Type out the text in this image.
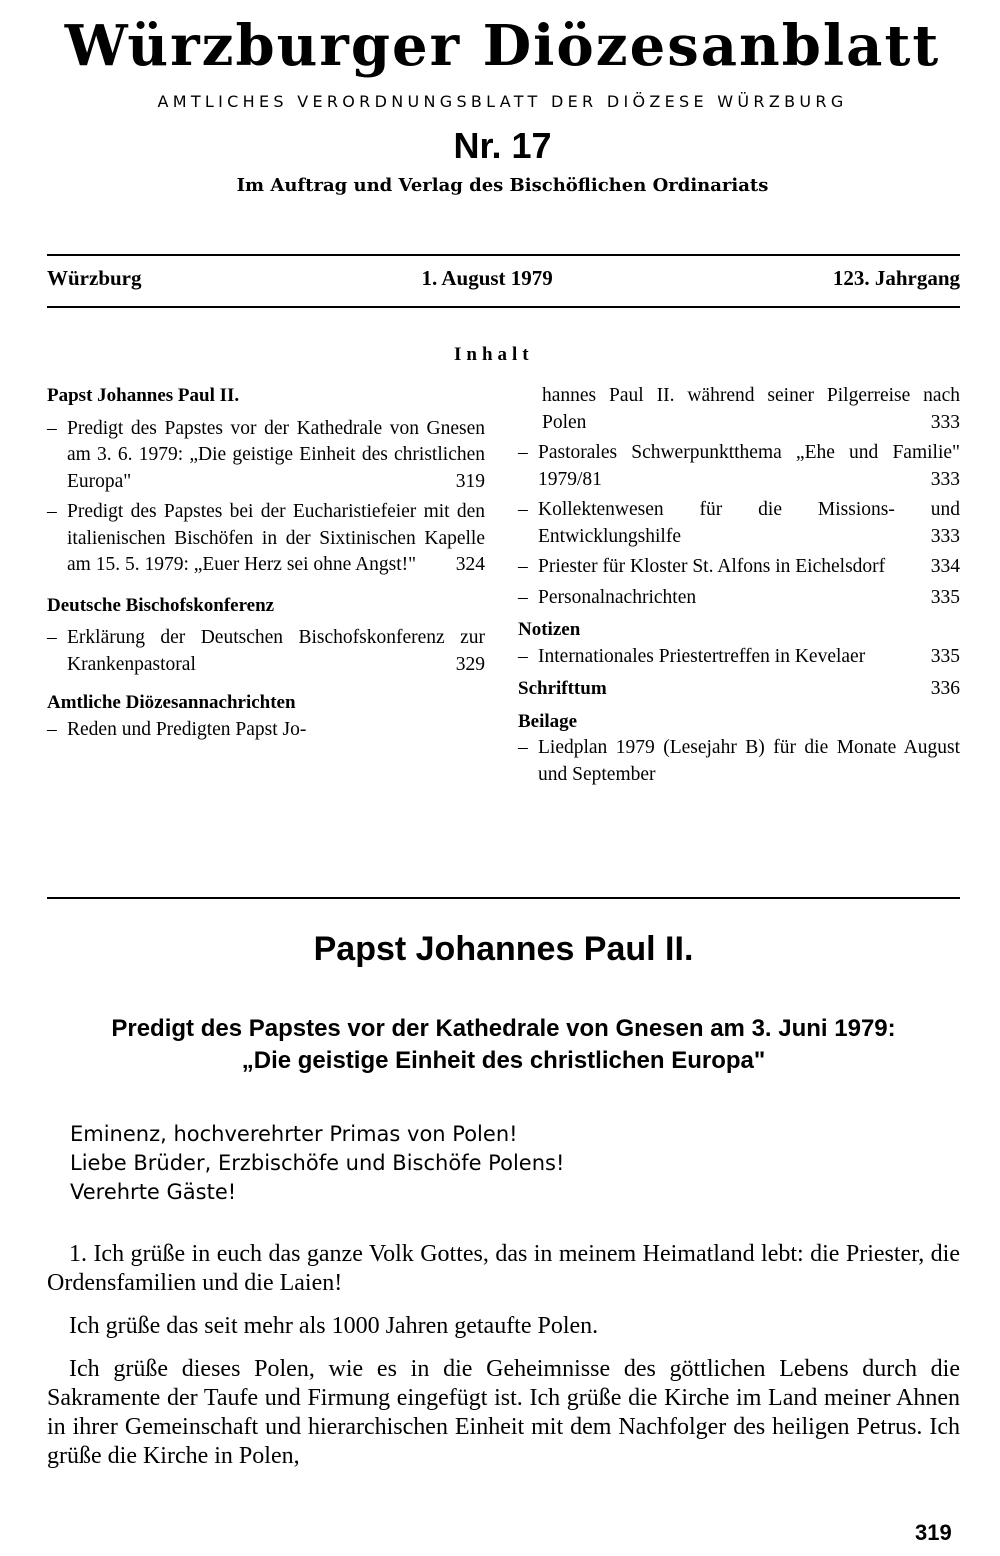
Würzburger Diözesanblatt
AMTLICHES VERORDNUNGSBLATT DER DIÖZESE WÜRZBURG
Nr. 17
Im Auftrag und Verlag des Bischöflichen Ordinariats
Würzburg	1. August 1979	123. Jahrgang
Inhalt
Papst Johannes Paul II.
– Predigt des Papstes vor der Kathedrale von Gnesen am 3. 6. 1979: „Die geistige Einheit des christlichen Europa"	319
– Predigt des Papstes bei der Eucharistiefeier mit den italienischen Bischöfen in der Sixtinischen Kapelle am 15. 5. 1979: „Euer Herz sei ohne Angst!"	324
Deutsche Bischofskonferenz
– Erklärung der Deutschen Bischofskonferenz zur Krankenpastoral	329
Amtliche Diözesannachrichten
– Reden und Predigten Papst Jo-
hannes Paul II. während seiner Pilgerreise nach Polen	333
– Pastorales Schwerpunktthema „Ehe und Familie" 1979/81	333
– Kollektenwesen für die Missions- und Entwicklungshilfe	333
– Priester für Kloster St. Alfons in Eichelsdorf	334
– Personalnachrichten	335
Notizen
– Internationales Priestertreffen in Kevelaer	335
Schrifttum	336
Beilage
– Liedplan 1979 (Lesejahr B) für die Monate August und September
Papst Johannes Paul II.
Predigt des Papstes vor der Kathedrale von Gnesen am 3. Juni 1979:
„Die geistige Einheit des christlichen Europa"
Eminenz, hochverehrter Primas von Polen!
Liebe Brüder, Erzbischöfe und Bischöfe Polens!
Verehrte Gäste!

1. Ich grüße in euch das ganze Volk Gottes, das in meinem Heimatland lebt: die Priester, die Ordensfamilien und die Laien!

Ich grüße das seit mehr als 1000 Jahren getaufte Polen.

Ich grüße dieses Polen, wie es in die Geheimnisse des göttlichen Lebens durch die Sakramente der Taufe und Firmung eingefügt ist. Ich grüße die Kirche im Land meiner Ahnen in ihrer Gemeinschaft und hierarchischen Einheit mit dem Nachfolger des heiligen Petrus. Ich grüße die Kirche in Polen,

319
